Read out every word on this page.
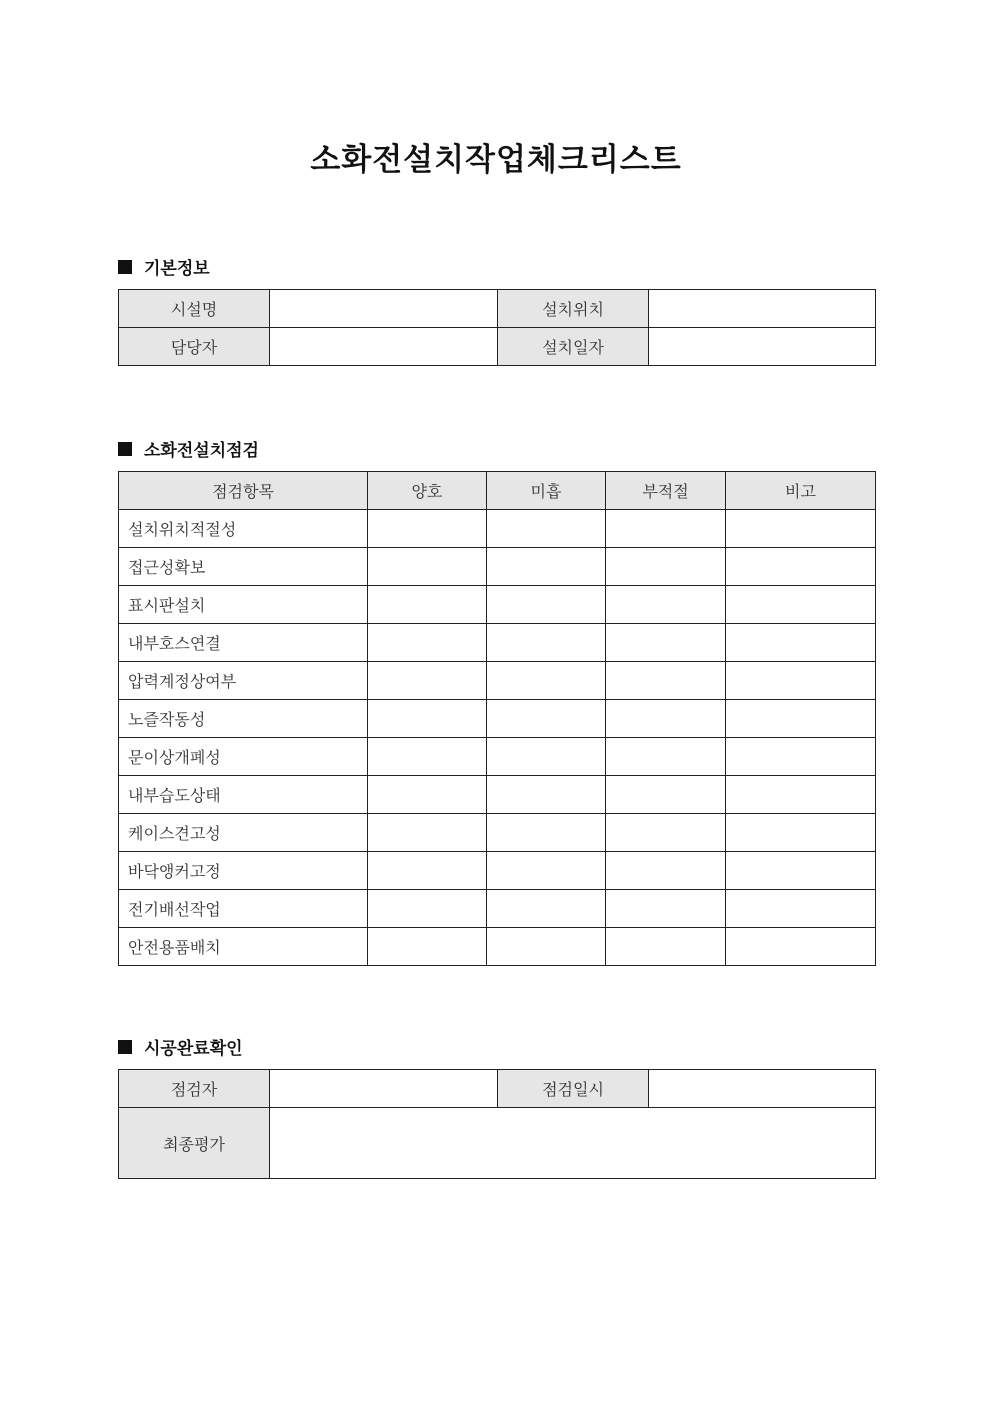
소화전설치작업체크리스트
기본정보
시설명		설치위치	
담당자		설치일자	
소화전설치점검
점검항목	양호	미흡	부적절	비고
설치위치적절성				
접근성확보				
표시판설치				
내부호스연결				
압력계정상여부				
노즐작동성				
문이상개폐성				
내부습도상태				
케이스견고성				
바닥앵커고정				
전기배선작업				
안전용품배치				
시공완료확인
점검자		점검일시	
최종평가			
